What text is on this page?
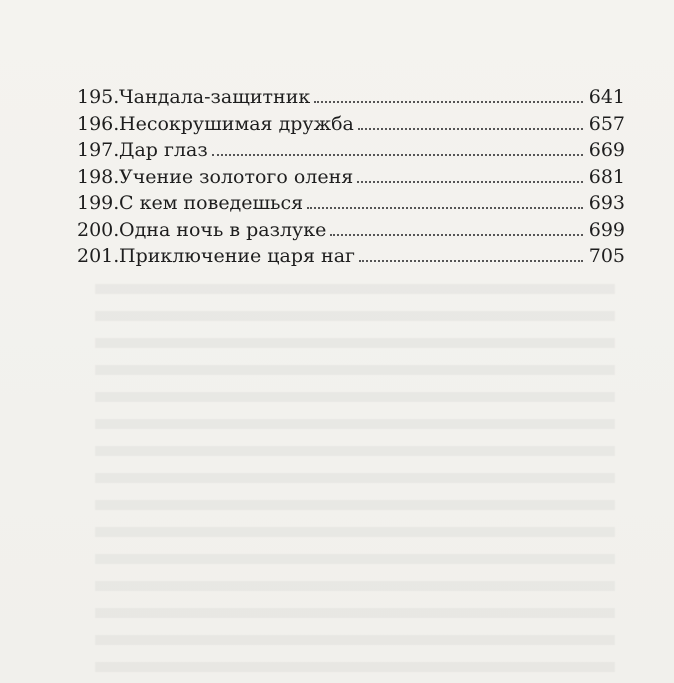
195. Чандала-защитник	641
196. Несокрушимая дружба	657
197. Дар глаз	669
198. Учение золотого оленя	681
199. С кем поведешься	693
200. Одна ночь в разлуке	699
201. Приключение царя наг	705
